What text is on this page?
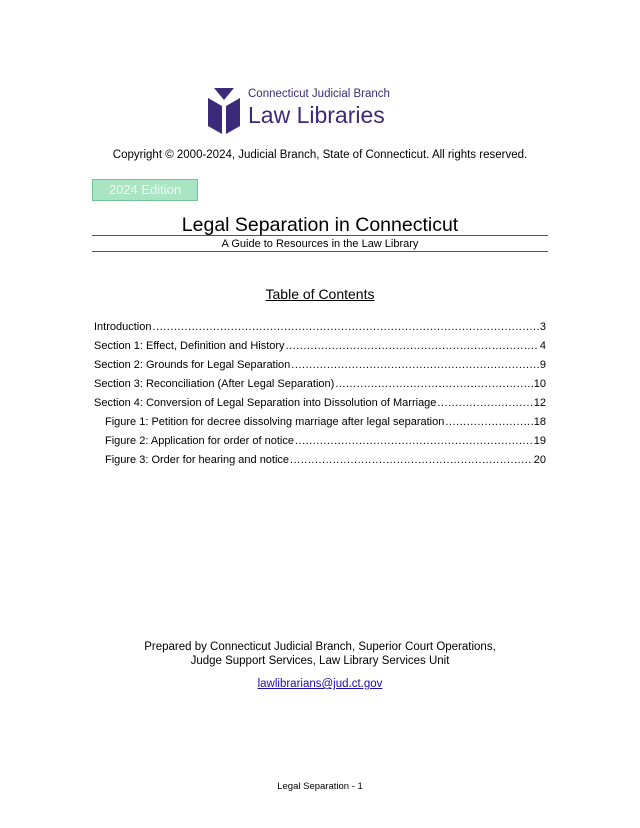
Connecticut Judicial Branch
Law Libraries
Copyright © 2000-2024, Judicial Branch, State of Connecticut. All rights reserved.
2024 Edition
Legal Separation in Connecticut
A Guide to Resources in the Law Library
Table of Contents
Introduction .....	3
Section 1: Effect, Definition and History .....	4
Section 2: Grounds for Legal Separation .....	9
Section 3: Reconciliation (After Legal Separation) .....	10
Section 4: Conversion of Legal Separation into Dissolution of Marriage .....	12
Figure 1: Petition for decree dissolving marriage after legal separation .....	18
Figure 2: Application for order of notice .....	19
Figure 3: Order for hearing and notice .....	20
Prepared by Connecticut Judicial Branch, Superior Court Operations,
Judge Support Services, Law Library Services Unit
lawlibrarians@jud.ct.gov
Legal Separation - 1
